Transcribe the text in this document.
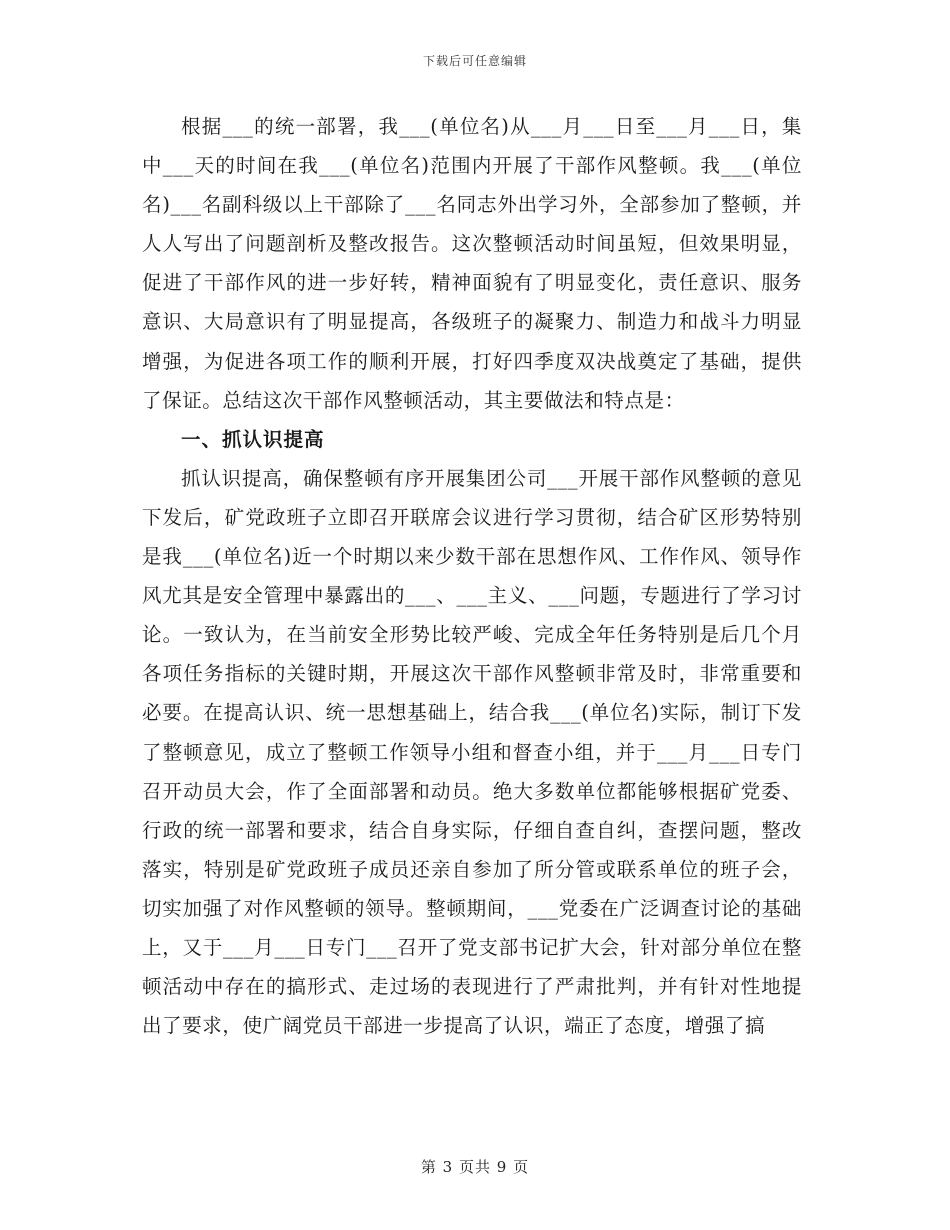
下载后可任意编辑

根据___的统一部署，我___(单位名)从___月___日至___月___日，集中___天的时间在我___(单位名)范围内开展了干部作风整顿。我___(单位名)___名副科级以上干部除了___名同志外出学习外，全部参加了整顿，并人人写出了问题剖析及整改报告。这次整顿活动时间虽短，但效果明显，促进了干部作风的进一步好转，精神面貌有了明显变化，责任意识、服务意识、大局意识有了明显提高，各级班子的凝聚力、制造力和战斗力明显增强，为促进各项工作的顺利开展，打好四季度双决战奠定了基础，提供了保证。总结这次干部作风整顿活动，其主要做法和特点是：

一、抓认识提高

抓认识提高，确保整顿有序开展集团公司___开展干部作风整顿的意见下发后，矿党政班子立即召开联席会议进行学习贯彻，结合矿区形势特别是我___(单位名)近一个时期以来少数干部在思想作风、工作作风、领导作风尤其是安全管理中暴露出的___、___主义、___问题，专题进行了学习讨论。一致认为，在当前安全形势比较严峻、完成全年任务特别是后几个月各项任务指标的关键时期，开展这次干部作风整顿非常及时，非常重要和必要。在提高认识、统一思想基础上，结合我___(单位名)实际，制订下发了整顿意见，成立了整顿工作领导小组和督查小组，并于___月___日专门召开动员大会，作了全面部署和动员。绝大多数单位都能够根据矿党委、行政的统一部署和要求，结合自身实际，仔细自查自纠，查摆问题，整改落实，特别是矿党政班子成员还亲自参加了所分管或联系单位的班子会，切实加强了对作风整顿的领导。整顿期间，___党委在广泛调查讨论的基础上，又于___月___日专门___召开了党支部书记扩大会，针对部分单位在整顿活动中存在的搞形式、走过场的表现进行了严肃批判，并有针对性地提出了要求，使广阔党员干部进一步提高了认识，端正了态度，增强了搞

第 3 页共 9 页
